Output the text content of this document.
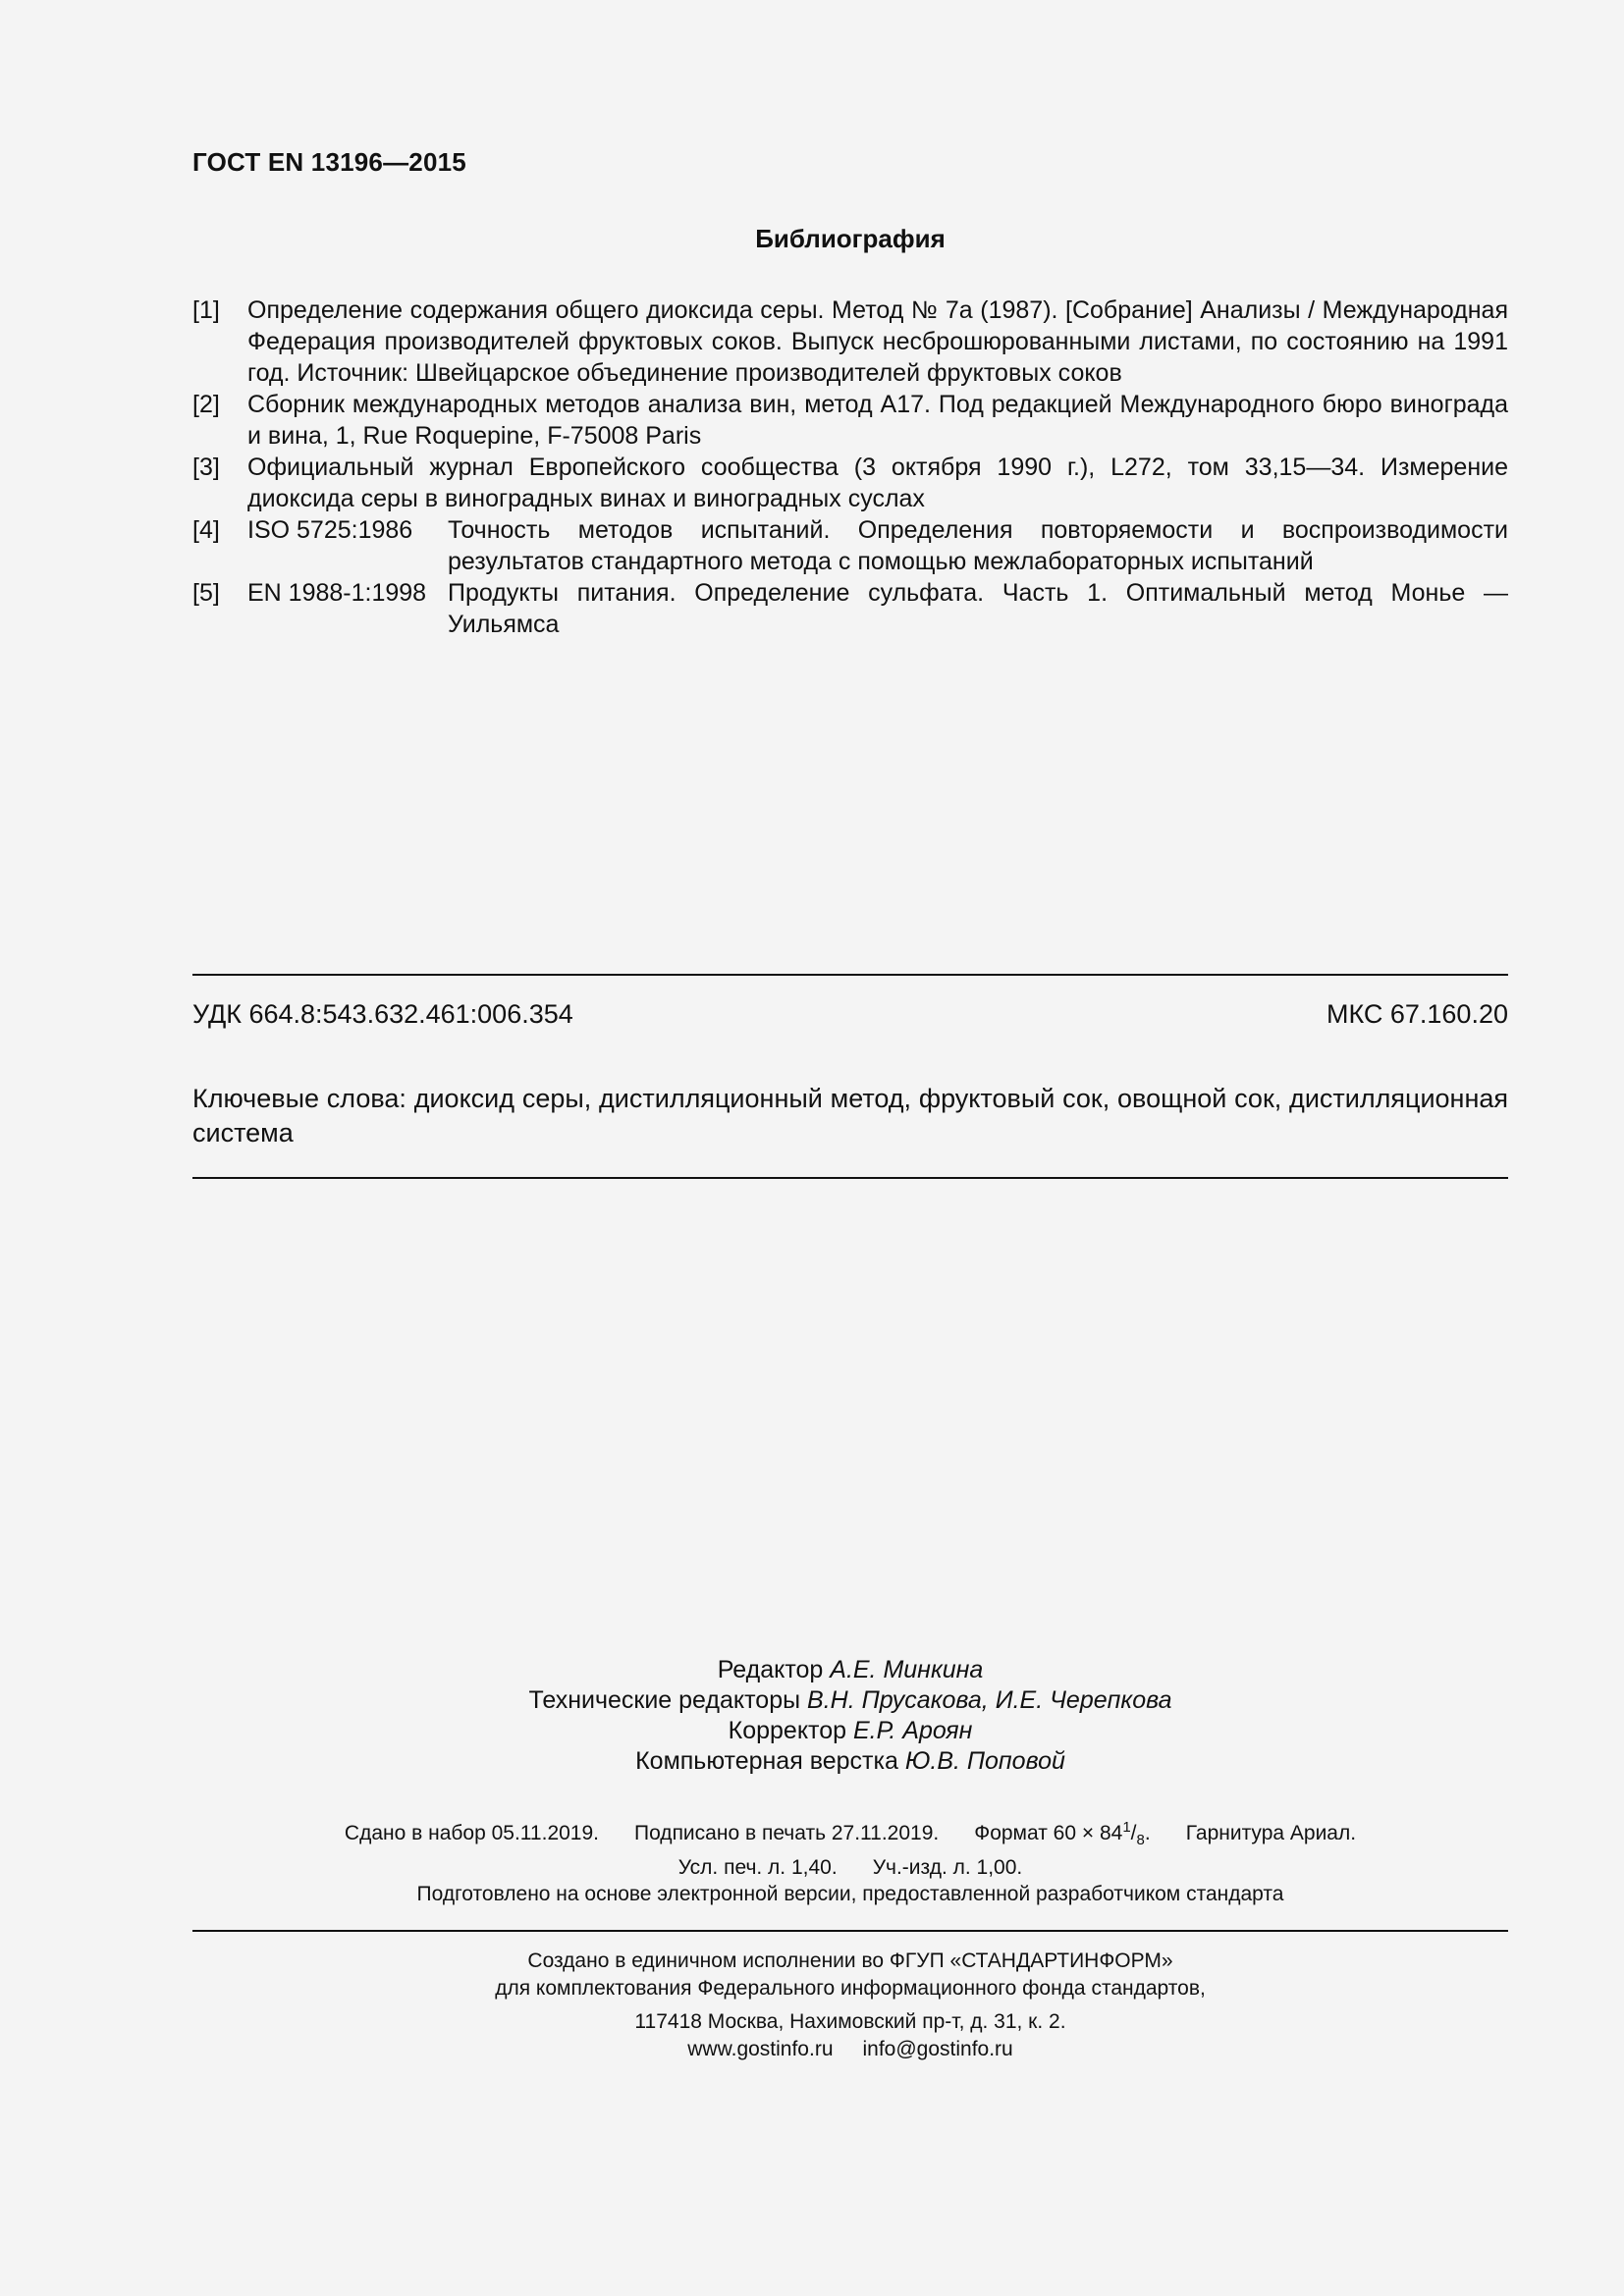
ГОСТ EN 13196—2015
Библиография
[1]	Определение содержания общего диоксида серы. Метод № 7а (1987). [Собрание] Анализы / Международная Федерация производителей фруктовых соков. Выпуск несброшюрованными листами, по состоянию на 1991 год. Источник: Швейцарское объединение производителей фруктовых соков
[2]	Сборник международных методов анализа вин, метод А17. Под редакцией Международного бюро винограда и вина, 1, Rue Roquepine, F-75008 Paris
[3]	Официальный журнал Европейского сообщества (3 октября 1990 г.), L272, том 33,15—34. Измерение диоксида серы в виноградных винах и виноградных суслах
[4]	ISO 5725:1986	Точность методов испытаний. Определения повторяемости и воспроизводимости результатов стандартного метода с помощью межлабораторных испытаний
[5]	EN 1988-1:1998 Продукты питания. Определение сульфата. Часть 1. Оптимальный метод Монье — Уильямса
УДК 664.8:543.632.461:006.354	МКС 67.160.20
Ключевые слова: диоксид серы, дистилляционный метод, фруктовый сок, овощной сок, дистилляционная система
Редактор А.Е. Минкина
Технические редакторы В.Н. Прусакова, И.Е. Черепкова
Корректор Е.Р. Ароян
Компьютерная верстка Ю.В. Поповой
Сдано в набор 05.11.2019. Подписано в печать 27.11.2019. Формат $60 \times 84^1/_8$. Гарнитура Ариал.
Усл. печ. л. 1,40. Уч.-изд. л. 1,00.
Подготовлено на основе электронной версии, предоставленной разработчиком стандарта
Создано в единичном исполнении во ФГУП «СТАНДАРТИНФОРМ»
для комплектования Федерального информационного фонда стандартов,
117418 Москва, Нахимовский пр-т, д. 31, к. 2.
www.gostinfo.ru info@gostinfo.ru
